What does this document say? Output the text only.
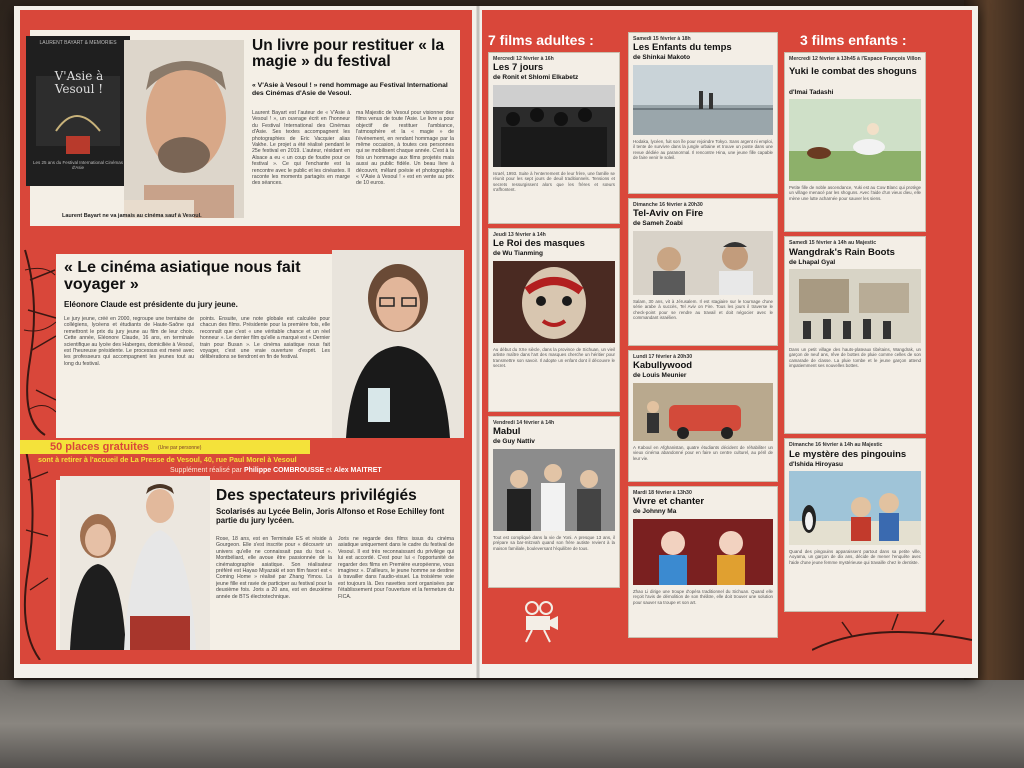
LAURENT BAYART & MEMORIES
V'Asie à Vesoul !
Les 25 ans du Festival International Cinémas d'Asie
Un livre pour restituer « la magie » du festival
« V'Asie à Vesoul ! » rend hommage au Festival International des Cinémas d'Asie de Vesoul.
Laurent Bayart est l'auteur de « V'Asie à Vesoul ! », un ouvrage écrit en l'honneur du Festival International des Cinémas d'Asie. Ses textes accompagnent les photographies de Eric Vacquier alias Vakhe. Le projet a été réalisé pendant le 25e festival en 2019. L'auteur, résidant en Alsace a eu « un coup de foudre pour ce festival ». Ce qui l'enchante est la rencontre avec le public et les cinéastes. Il raconte les moments partagés en marge des séances.
ma Majestic de Vesoul pour visionner des films venus de toute l'Asie. Le livre a pour objectif de restituer l'ambiance, l'atmosphère et la « magie » de l'événement, en rendant hommage par la même occasion, à toutes ces personnes qui se mobilisent chaque année. C'est à la fois un hommage aux films projetés mais aussi au public fidèle. Un beau livre à découvrir, mêlant poésie et photographie. « V'Asie à Vesoul ! » est en vente au prix de 10 euros.
Laurent Bayart ne va jamais au cinéma sauf à Vesoul.
« Le cinéma asiatique nous fait voyager »
Eléonore Claude est présidente du jury jeune.
Le jury jeune, créé en 2000, regroupe une trentaine de collégiens, lycéens et étudiants de Haute-Saône qui remettront le prix du jury jeune au film de leur choix. Cette année, Eléonore Claude, 16 ans, en terminale scientifique au lycée des Haberges, domiciliée à Vesoul, est l'heureuse présidente. Le processus est mené avec les professeurs qui accompagnent les jeunes tout au long du festival.
points. Ensuite, une note globale est calculée pour chacun des films. Présidente pour la première fois, elle reconnaît que c'est « une véritable chance et un réel honneur ». Le dernier film qu'elle a marqué est « Dernier train pour Busan ». Le cinéma asiatique nous fait voyager, c'est une vraie ouverture d'esprit. Les délibérations se tiendront en fin de festival.
50 places gratuites (Une par personne)
sont à retirer à l'accueil de La Presse de Vesoul, 40, rue Paul Morel à Vesoul
Supplément réalisé par Philippe COMBROUSSE et Alex MAITRET
Des spectateurs privilégiés
Scolarisés au Lycée Belin, Joris Alfonso et Rose Echilley font partie du jury lycéen.
Rose, 18 ans, est en Terminale ES et réside à Gourgeon. Elle s'est inscrite pour « découvrir un univers qu'elle ne connaissait pas du tout ». Montbéliard, elle avoue être passionnée de la cinématographie asiatique. Son réalisateur préféré est Hayao Miyazaki et son film favori est « Coming Home » réalisé par Zhang Yimou. La jeune fille est ravie de participer au festival pour la deuxième fois. Joris a 20 ans, est en deuxième année de BTS électrotechnique.
Joris ne regarde des films issus du cinéma asiatique uniquement dans le cadre du festival de Vesoul. Il est très reconnaissant du privilège qui lui est accordé. C'est pour lui « l'opportunité de regarder des films en Première européenne, vous imaginez ». D'ailleurs, le jeune homme se destine à travailler dans l'audio-visuel. La troisième voie est toujours là. Des navettes sont organisées par l'établissement pour l'ouverture et la fermeture du FICA.
7 films adultes :	3 films enfants :
Mercredi 12 février à 16h
Les 7 jours
de Ronit et Shlomi Elkabetz
Israël, 1993. Suite à l'enterrement de leur frère, une famille se réunit pour les sept jours de deuil traditionnels. Tensions et secrets ressurgissent alors que les frères et sœurs s'affrontent.
Jeudi 13 février à 14h
Le Roi des masques
de Wu Tianming
Au début du XXe siècle, dans la province de Sichuan, un vieil artiste maître dans l'art des masques cherche un héritier pour transmettre son savoir. Il adopte un enfant dont il découvre le secret.
Vendredi 14 février à 14h
Mabul
de Guy Nattiv
Tout est compliqué dans la vie de Yoni. A presque 13 ans, il prépare sa bar-mitzvah quand son frère autiste revient à la maison familiale, bouleversant l'équilibre de tous.
Samedi 15 février à 18h
Les Enfants du temps
de Shinkai Makoto
Hodaka, lycéen, fuit son île pour rejoindre Tokyo. Sans argent ni emploi, il tente de survivre dans la jungle urbaine et trouve un poste dans une revue dédiée au paranormal. Il rencontre Hina, une jeune fille capable de faire venir le soleil.
Dimanche 16 février à 20h30
Tel-Aviv on Fire
de Sameh Zoabi
Salam, 30 ans, vit à Jérusalem. Il est stagiaire sur le tournage d'une série arabe à succès, Tel Aviv on Fire. Tous les jours il traverse le check-point pour se rendre au travail et doit négocier avec le commandant israélien.
Lundi 17 février à 20h30
Kabullywood
de Louis Meunier
A Kaboul en Afghanistan, quatre étudiants décident de réhabiliter un vieux cinéma abandonné pour en faire un centre culturel, au péril de leur vie.
Mardi 18 février à 13h30
Vivre et chanter
de Johnny Ma
Zhao Li dirige une troupe d'opéra traditionnel du Sichuan. Quand elle reçoit l'avis de démolition de son théâtre, elle doit trouver une solution pour sauver sa troupe et son art.
Mercredi 12 février à 13h45 à l'Espace François Villon
Yuki le combat des shoguns
d'Imai Tadashi
Petite fille de noble ascendance, Yuki est au Cow Blanc qui protège un village menacé par les shoguns. Avec l'aide d'un vieux dieu, elle mène une lutte acharnée pour sauver les siens.
Samedi 15 février à 14h au Majestic
Wangdrak's Rain Boots
de Lhapal Gyal
Dans un petit village des hauts-plateaux tibétains, Wangdrak, un garçon de neuf ans, rêve de bottes de pluie comme celles de son camarade de classe. La pluie tombe et le jeune garçon attend impatiemment ses nouvelles bottes.
Dimanche 16 février à 14h au Majestic
Le mystère des pingouins
d'Ishida Hiroyasu
Quand des pingouins apparaissent partout dans sa petite ville, Aoyama, un garçon de dix ans, décide de mener l'enquête avec l'aide d'une jeune femme mystérieuse qui travaille chez le dentiste.
